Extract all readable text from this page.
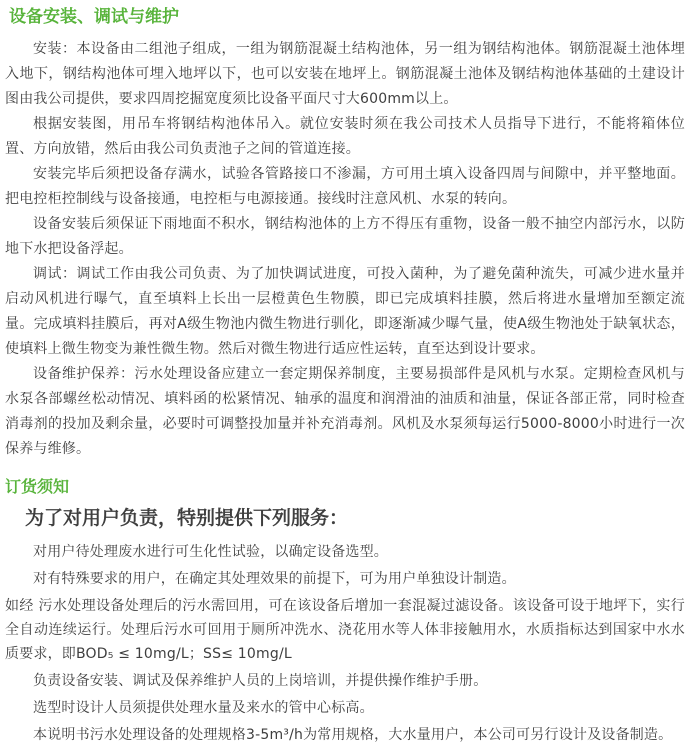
设备安装、调试与维护

安装：本设备由二组池子组成，一组为钢筋混凝土结构池体，另一组为钢结构池体。钢筋混凝土池体埋入地下，钢结构池体可埋入地坪以下，也可以安装在地坪上。钢筋混凝土池体及钢结构池体基础的土建设计图由我公司提供，要求四周挖掘宽度须比设备平面尺寸大600mm以上。

根据安装图，用吊车将钢结构池体吊入。就位安装时须在我公司技术人员指导下进行，不能将箱体位置、方向放错，然后由我公司负责池子之间的管道连接。

安装完毕后须把设备存满水，试验各管路接口不渗漏，方可用土填入设备四周与间隙中，并平整地面。把电控柜控制线与设备接通，电控柜与电源接通。接线时注意风机、水泵的转向。

设备安装后须保证下雨地面不积水，钢结构池体的上方不得压有重物，设备一般不抽空内部污水，以防地下水把设备浮起。

调试：调试工作由我公司负责、为了加快调试进度，可投入菌种，为了避免菌种流失，可减少进水量并启动风机进行曝气，直至填料上长出一层橙黄色生物膜，即已完成填料挂膜，然后将进水量增加至额定流量。完成填料挂膜后，再对A级生物池内微生物进行驯化，即逐渐减少曝气量，使A级生物池处于缺氧状态，使填料上微生物变为兼性微生物。然后对微生物进行适应性运转，直至达到设计要求。

设备维护保养：污水处理设备应建立一套定期保养制度，主要易损部件是风机与水泵。定期检查风机与水泵各部螺丝松动情况、填料函的松紧情况、轴承的温度和润滑油的油质和油量，保证各部正常，同时检查消毒剂的投加及剩余量，必要时可调整投加量并补充消毒剂。风机及水泵须每运行5000-8000小时进行一次保养与维修。

订货须知
为了对用户负责，特别提供下列服务：

对用户待处理废水进行可生化性试验，以确定设备选型。

对有特殊要求的用户，在确定其处理效果的前提下，可为用户单独设计制造。

如经 污水处理设备处理后的污水需回用，可在该设备后增加一套混凝过滤设备。该设备可设于地坪下，实行全自动连续运行。处理后污水可回用于厕所冲洗水、浇花用水等人体非接触用水，水质指标达到国家中水水质要求，即BOD₅ ≤ 10mg/L；SS≤ 10mg/L

负责设备安装、调试及保养维护人员的上岗培训，并提供操作维护手册。

选型时设计人员须提供处理水量及来水的管中心标高。

本说明书污水处理设备的处理规格3-5m³/h为常用规格，大水量用户，本公司可另行设计及设备制造。
